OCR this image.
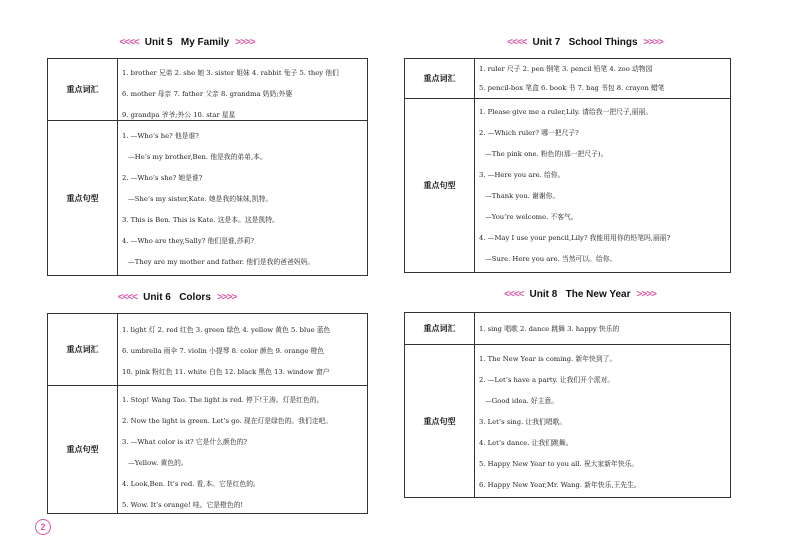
<<<< Unit 5   My Family >>>>
重点词汇
1. brother 兄弟 2. she 她 3. sister 姐妹 4. rabbit 兔子 5. they 他们
6. mother 母亲 7. father 父亲 8. grandma 奶奶;外婆
9. grandpa 爷爷;外公 10. star 星星
重点句型
1. —Who’s he? 他是谁?
—He’s my brother,Ben. 他是我的弟弟,本。
2. —Who’s she? 她是谁?
—She’s my sister,Kate. 她是我的妹妹,凯特。
3. This is Ben. This is Kate. 这是本。这是凯特。
4. —Who are they,Sally? 他们是谁,莎莉?
—They are my mother and father. 他们是我的爸爸妈妈。
<<<< Unit 6   Colors >>>>
重点词汇
1. light 灯 2. red 红色 3. green 绿色 4. yellow 黄色 5. blue 蓝色
6. umbrella 雨伞 7. violin 小提琴 8. color 颜色 9. orange 橙色
10. pink 粉红色 11. white 白色 12. black 黑色 13. window 窗户
重点句型
1. Stop! Wang Tao. The light is red. 停下!王涛。灯是红色的。
2. Now the light is green. Let’s go. 现在灯是绿色的。我们走吧。
3. —What color is it? 它是什么颜色的?
—Yellow. 黄色的。
4. Look,Ben. It’s red. 看,本。它是红色的。
5. Wow. It’s orange! 哇。它是橙色的!
<<<< Unit 7   School Things >>>>
重点词汇
1. ruler 尺子 2. pen 钢笔 3. pencil 铅笔 4. zoo 动物园
5. pencil-box 笔盒 6. book 书 7. bag 书包 8. crayon 蜡笔
重点句型
1. Please give me a ruler,Lily. 请给我一把尺子,丽丽。
2. —Which ruler? 哪一把尺子?
—The pink one. 粉色的(那一把尺子)。
3. —Here you are. 给你。
—Thank you. 谢谢你。
—You’re welcome. 不客气。
4. —May I use your pencil,Lily? 我能用用你的铅笔吗,丽丽?
—Sure. Here you are. 当然可以。给你。
<<<< Unit 8   The New Year >>>>
重点词汇	1. sing 唱歌 2. dance 跳舞 3. happy 快乐的
重点句型
1. The New Year is coming. 新年快到了。
2. —Let’s have a party. 让我们开个派对。
—Good idea. 好主意。
3. Let’s sing. 让我们唱歌。
4. Let’s dance. 让我们跳舞。
5. Happy New Year to you all. 祝大家新年快乐。
6. Happy New Year,Mr. Wang. 新年快乐,王先生。
2
